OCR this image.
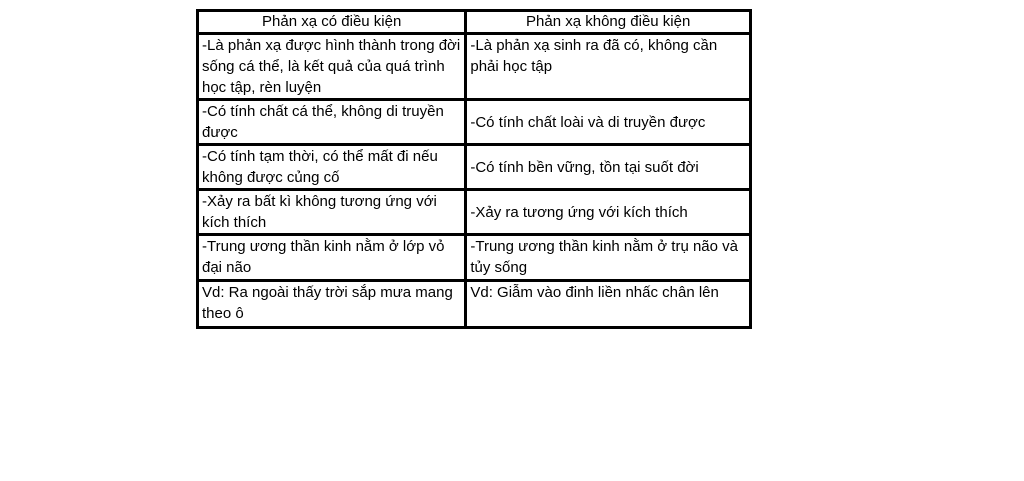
Phản xạ có điều kiện	Phản xạ không điều kiện
-Là phản xạ được hình thành trong đời sống cá thể, là kết quả của quá trình học tập, rèn luyện	-Là phản xạ sinh ra đã có, không cần phải học tập
-Có tính chất cá thể, không di truyền được	-Có tính chất loài và di truyền được
-Có tính tạm thời, có thể mất đi nếu không được củng cố	-Có tính bền vững, tồn tại suốt đời
-Xảy ra bất kì không tương ứng với kích thích	-Xảy ra tương ứng với kích thích
-Trung ương thần kinh nằm ở lớp vỏ đại não	-Trung ương thần kinh nằm ở trụ não và tủy sống
Vd: Ra ngoài thấy trời sắp mưa mang theo ô	Vd: Giẫm vào đinh liền nhấc chân lên
